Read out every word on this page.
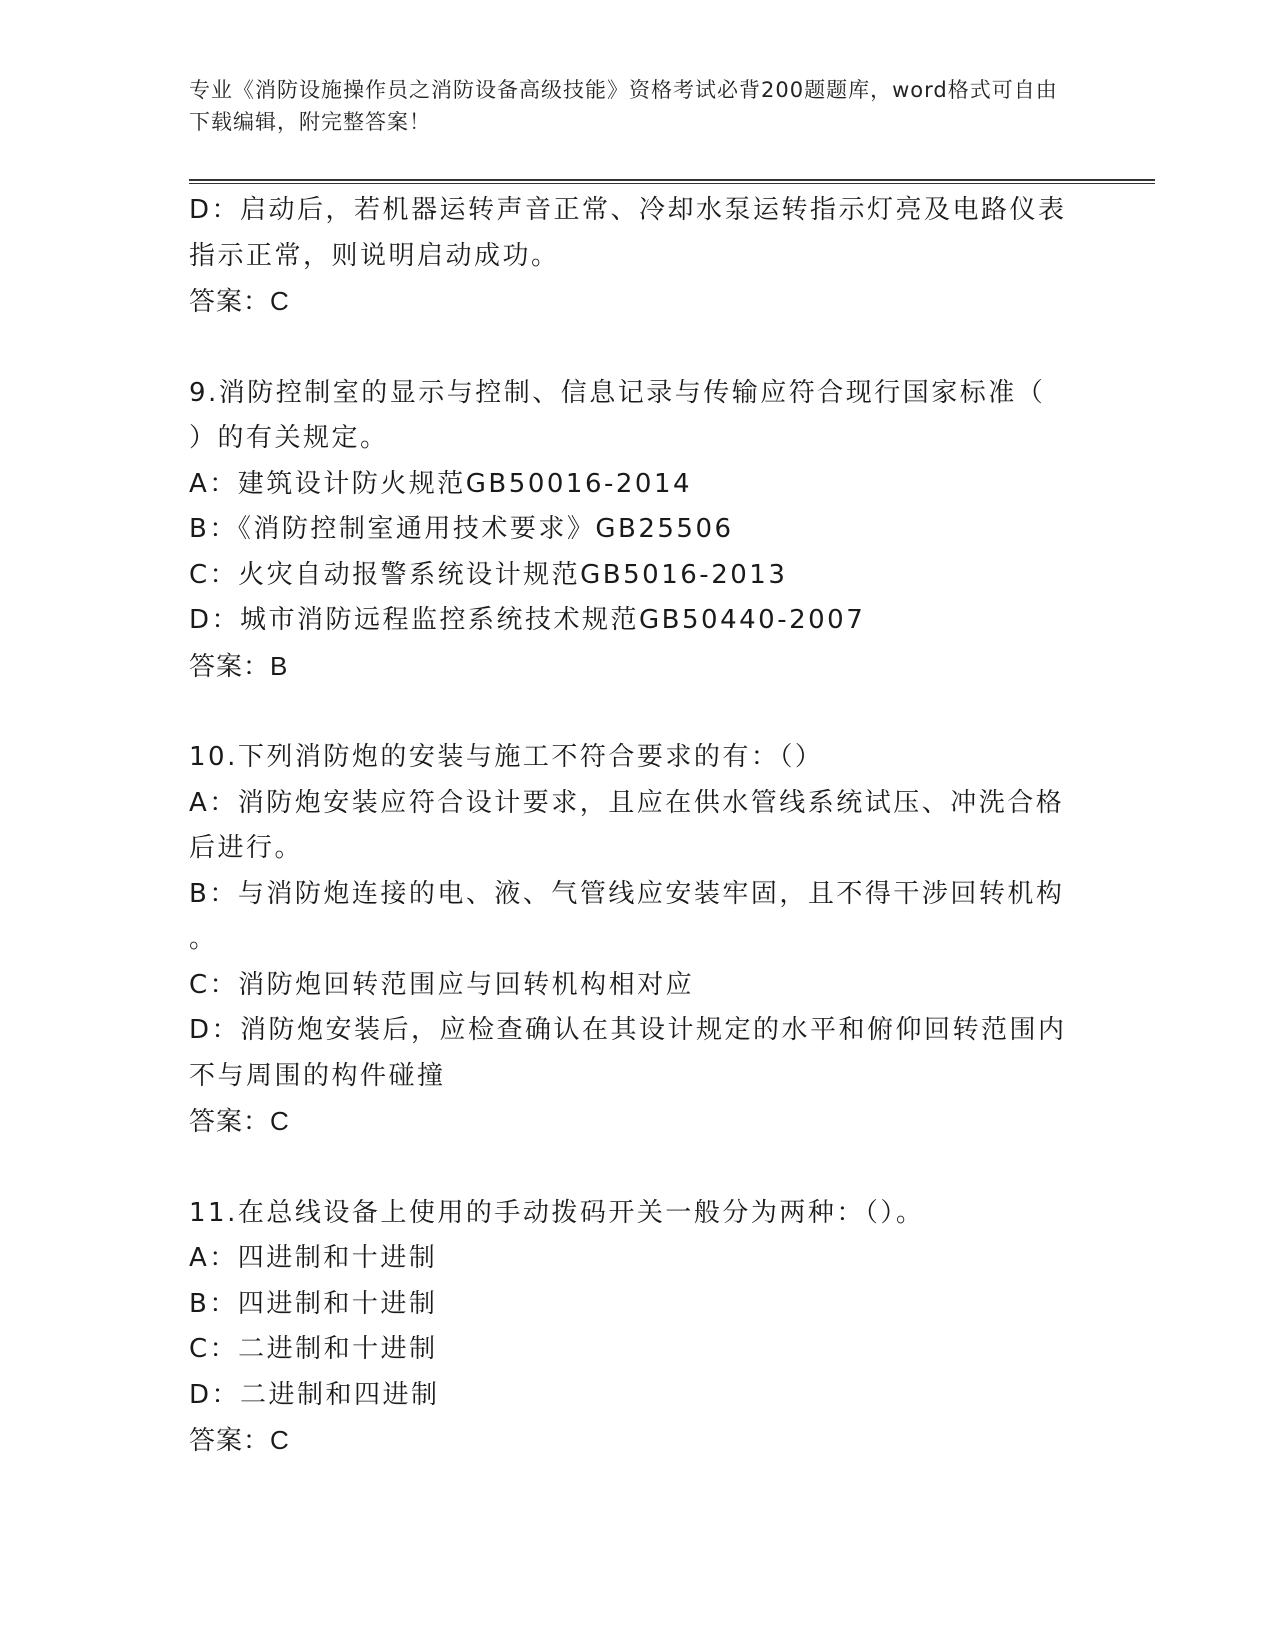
专业《消防设施操作员之消防设备高级技能》资格考试必背200题题库，word格式可自由下载编辑，附完整答案！
D：启动后，若机器运转声音正常、冷却水泵运转指示灯亮及电路仪表
指示正常，则说明启动成功。
答案：C
9.消防控制室的显示与控制、信息记录与传输应符合现行国家标准（
）的有关规定。
A：建筑设计防火规范GB50016-2014
B：《消防控制室通用技术要求》GB25506
C：火灾自动报警系统设计规范GB5016-2013
D：城市消防远程监控系统技术规范GB50440-2007
答案：B
10.下列消防炮的安装与施工不符合要求的有：（）
A：消防炮安装应符合设计要求，且应在供水管线系统试压、冲洗合格
后进行。
B：与消防炮连接的电、液、气管线应安装牢固，且不得干涉回转机构
。
C：消防炮回转范围应与回转机构相对应
D：消防炮安装后，应检查确认在其设计规定的水平和俯仰回转范围内
不与周围的构件碰撞
答案：C
11.在总线设备上使用的手动拨码开关一般分为两种：（）。
A：四进制和十进制
B：四进制和十进制
C：二进制和十进制
D：二进制和四进制
答案：C
